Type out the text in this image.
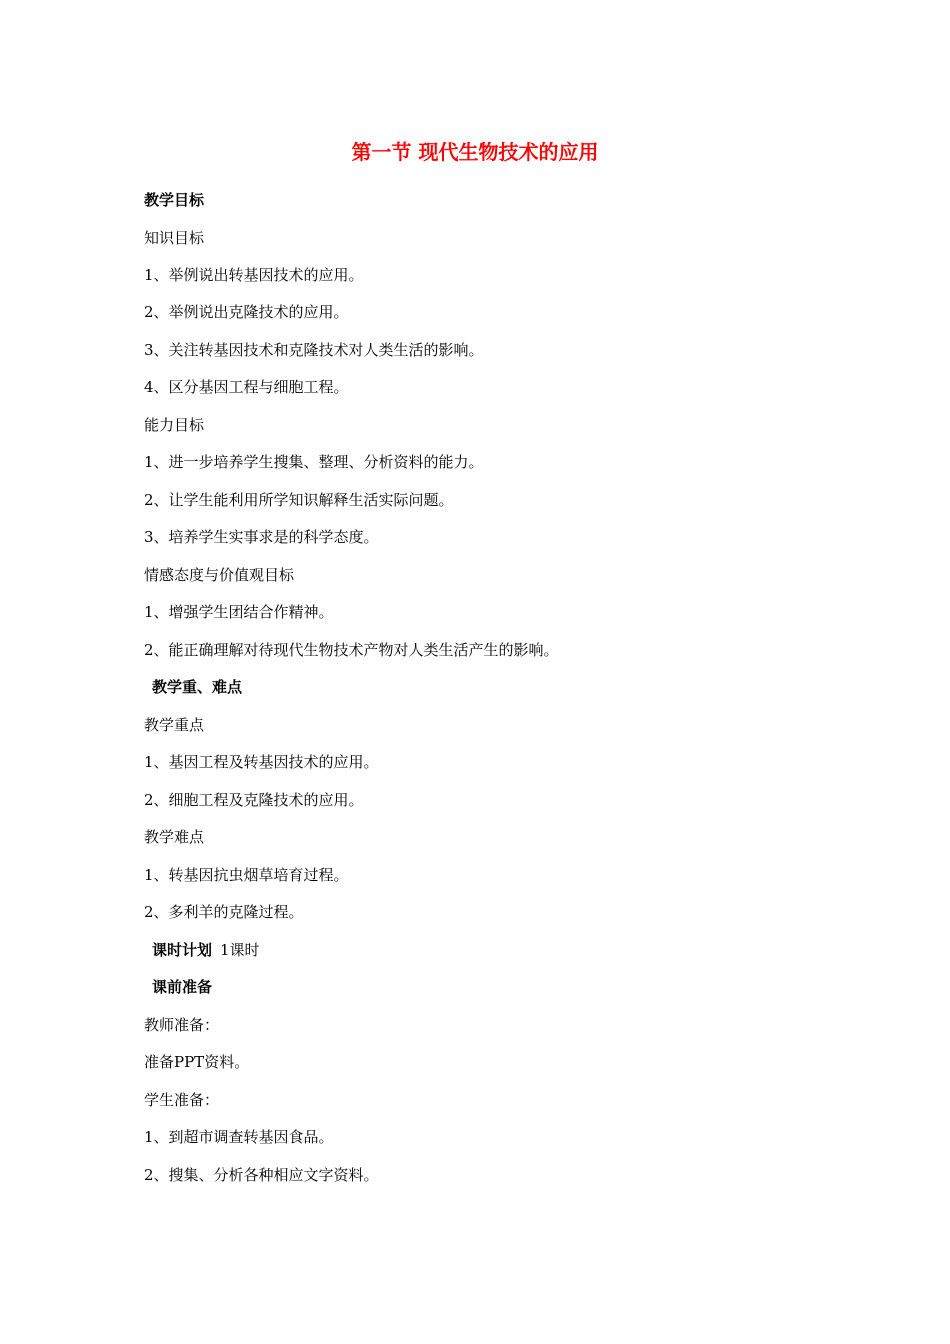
第一节 现代生物技术的应用
教学目标
知识目标
1、举例说出转基因技术的应用。
2、举例说出克隆技术的应用。
3、关注转基因技术和克隆技术对人类生活的影响。
4、区分基因工程与细胞工程。
能力目标
1、进一步培养学生搜集、整理、分析资料的能力。
2、让学生能利用所学知识解释生活实际问题。
3、培养学生实事求是的科学态度。
情感态度与价值观目标
1、增强学生团结合作精神。
2、能正确理解对待现代生物技术产物对人类生活产生的影响。
教学重、难点
教学重点
1、基因工程及转基因技术的应用。
2、细胞工程及克隆技术的应用。
教学难点
1、转基因抗虫烟草培育过程。
2、多利羊的克隆过程。
课时计划 1课时
课前准备
教师准备：
准备PPT资料。
学生准备：
1、到超市调查转基因食品。
2、搜集、分析各种相应文字资料。
